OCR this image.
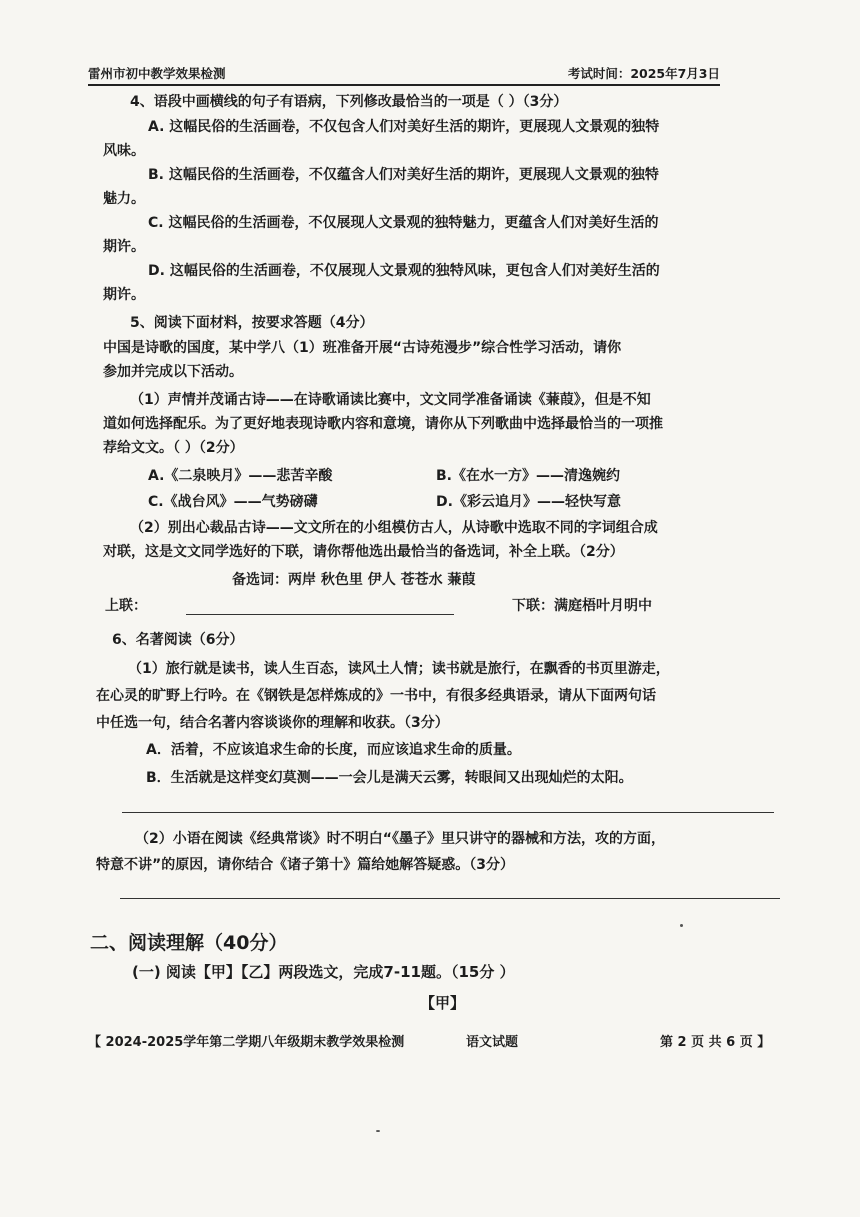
雷州市初中教学效果检测	考试时间：2025年7月3日
4、语段中画横线的句子有语病，下列修改最恰当的一项是（ ）（3分）
A. 这幅民俗的生活画卷，不仅包含人们对美好生活的期许，更展现人文景观的独特
风味。
B. 这幅民俗的生活画卷，不仅蕴含人们对美好生活的期许，更展现人文景观的独特
魅力。
C. 这幅民俗的生活画卷，不仅展现人文景观的独特魅力，更蕴含人们对美好生活的
期许。
D. 这幅民俗的生活画卷，不仅展现人文景观的独特风味，更包含人们对美好生活的
期许。
5、阅读下面材料，按要求答题（4分）
中国是诗歌的国度，某中学八（1）班准备开展“古诗苑漫步”综合性学习活动，请你
参加并完成以下活动。
（1）声情并茂诵古诗——在诗歌诵读比赛中，文文同学准备诵读《蒹葭》，但是不知
道如何选择配乐。为了更好地表现诗歌内容和意境，请你从下列歌曲中选择最恰当的一项推
荐给文文。（ ）（2分）
A.《二泉映月》——悲苦辛酸	B.《在水一方》——清逸婉约
C.《战台风》——气势磅礴	D.《彩云追月》——轻快写意
（2）别出心裁品古诗——文文所在的小组模仿古人，从诗歌中选取不同的字词组合成
对联，这是文文同学选好的下联，请你帮他选出最恰当的备选词，补全上联。（2分）
备选词：两岸 秋色里 伊人 苍苍水 蒹葭
上联：	下联：满庭梧叶月明中
6、名著阅读（6分）
（1）旅行就是读书，读人生百态，读风土人情；读书就是旅行，在飘香的书页里游走，
在心灵的旷野上行吟。在《钢铁是怎样炼成的》一书中，有很多经典语录，请从下面两句话
中任选一句，结合名著内容谈谈你的理解和收获。（3分）
A．活着，不应该追求生命的长度，而应该追求生命的质量。
B．生活就是这样变幻莫测——一会儿是满天云雾，转眼间又出现灿烂的太阳。
（2）小语在阅读《经典常谈》时不明白“《墨子》里只讲守的器械和方法，攻的方面，
特意不讲”的原因，请你结合《诸子第十》篇给她解答疑惑。（3分）
二、阅读理解（40分）
(一) 阅读【甲】【乙】两段选文，完成7-11题。（15分 ）
【甲】
【 2024-2025学年第二学期八年级期末教学效果检测	语文试题	第 2 页 共 6 页 】
